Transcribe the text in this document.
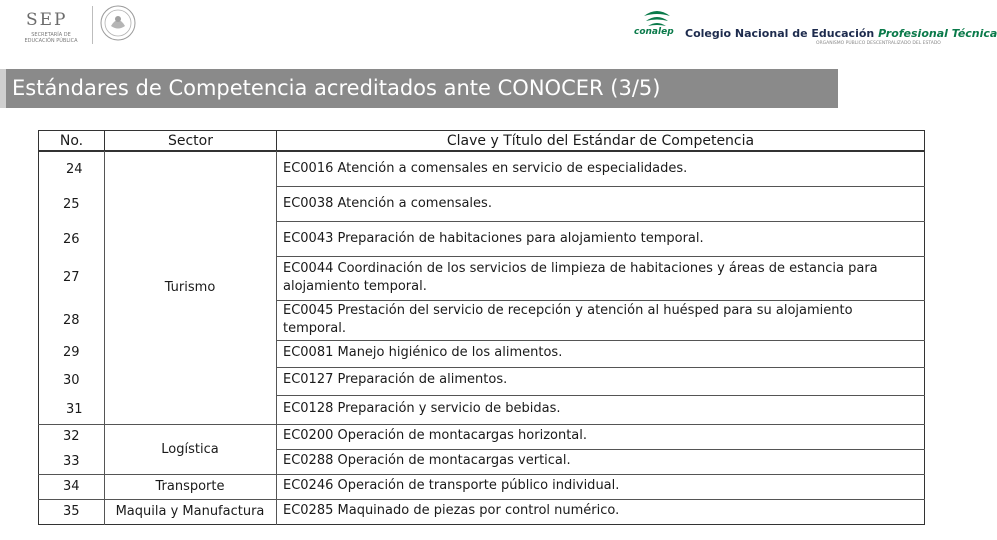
SEP
SECRETARÍA DE EDUCACIÓN PÚBLICA
conalep Colegio Nacional de Educación Profesional Técnica
ORGANISMO PÚBLICO DESCENTRALIZADO DEL ESTADO
Estándares de Competencia acreditados ante CONOCER (3/5)
No.	Sector	Clave y Título del Estándar de Competencia
24
25
26
27
28
29
30
31
32
33
34
35
Turismo
Logística
Transporte
Maquila y Manufactura
EC0016 Atención a comensales en servicio de especialidades.
EC0038 Atención a comensales.
EC0043 Preparación de habitaciones para alojamiento temporal.
EC0044 Coordinación de los servicios de limpieza de habitaciones y áreas de estancia para alojamiento temporal.
EC0045 Prestación del servicio de recepción y atención al huésped para su alojamiento temporal.
EC0081 Manejo higiénico de los alimentos.
EC0127 Preparación de alimentos.
EC0128 Preparación y servicio de bebidas.
EC0200 Operación de montacargas horizontal.
EC0288 Operación de montacargas vertical.
EC0246 Operación de transporte público individual.
EC0285 Maquinado de piezas por control numérico.
